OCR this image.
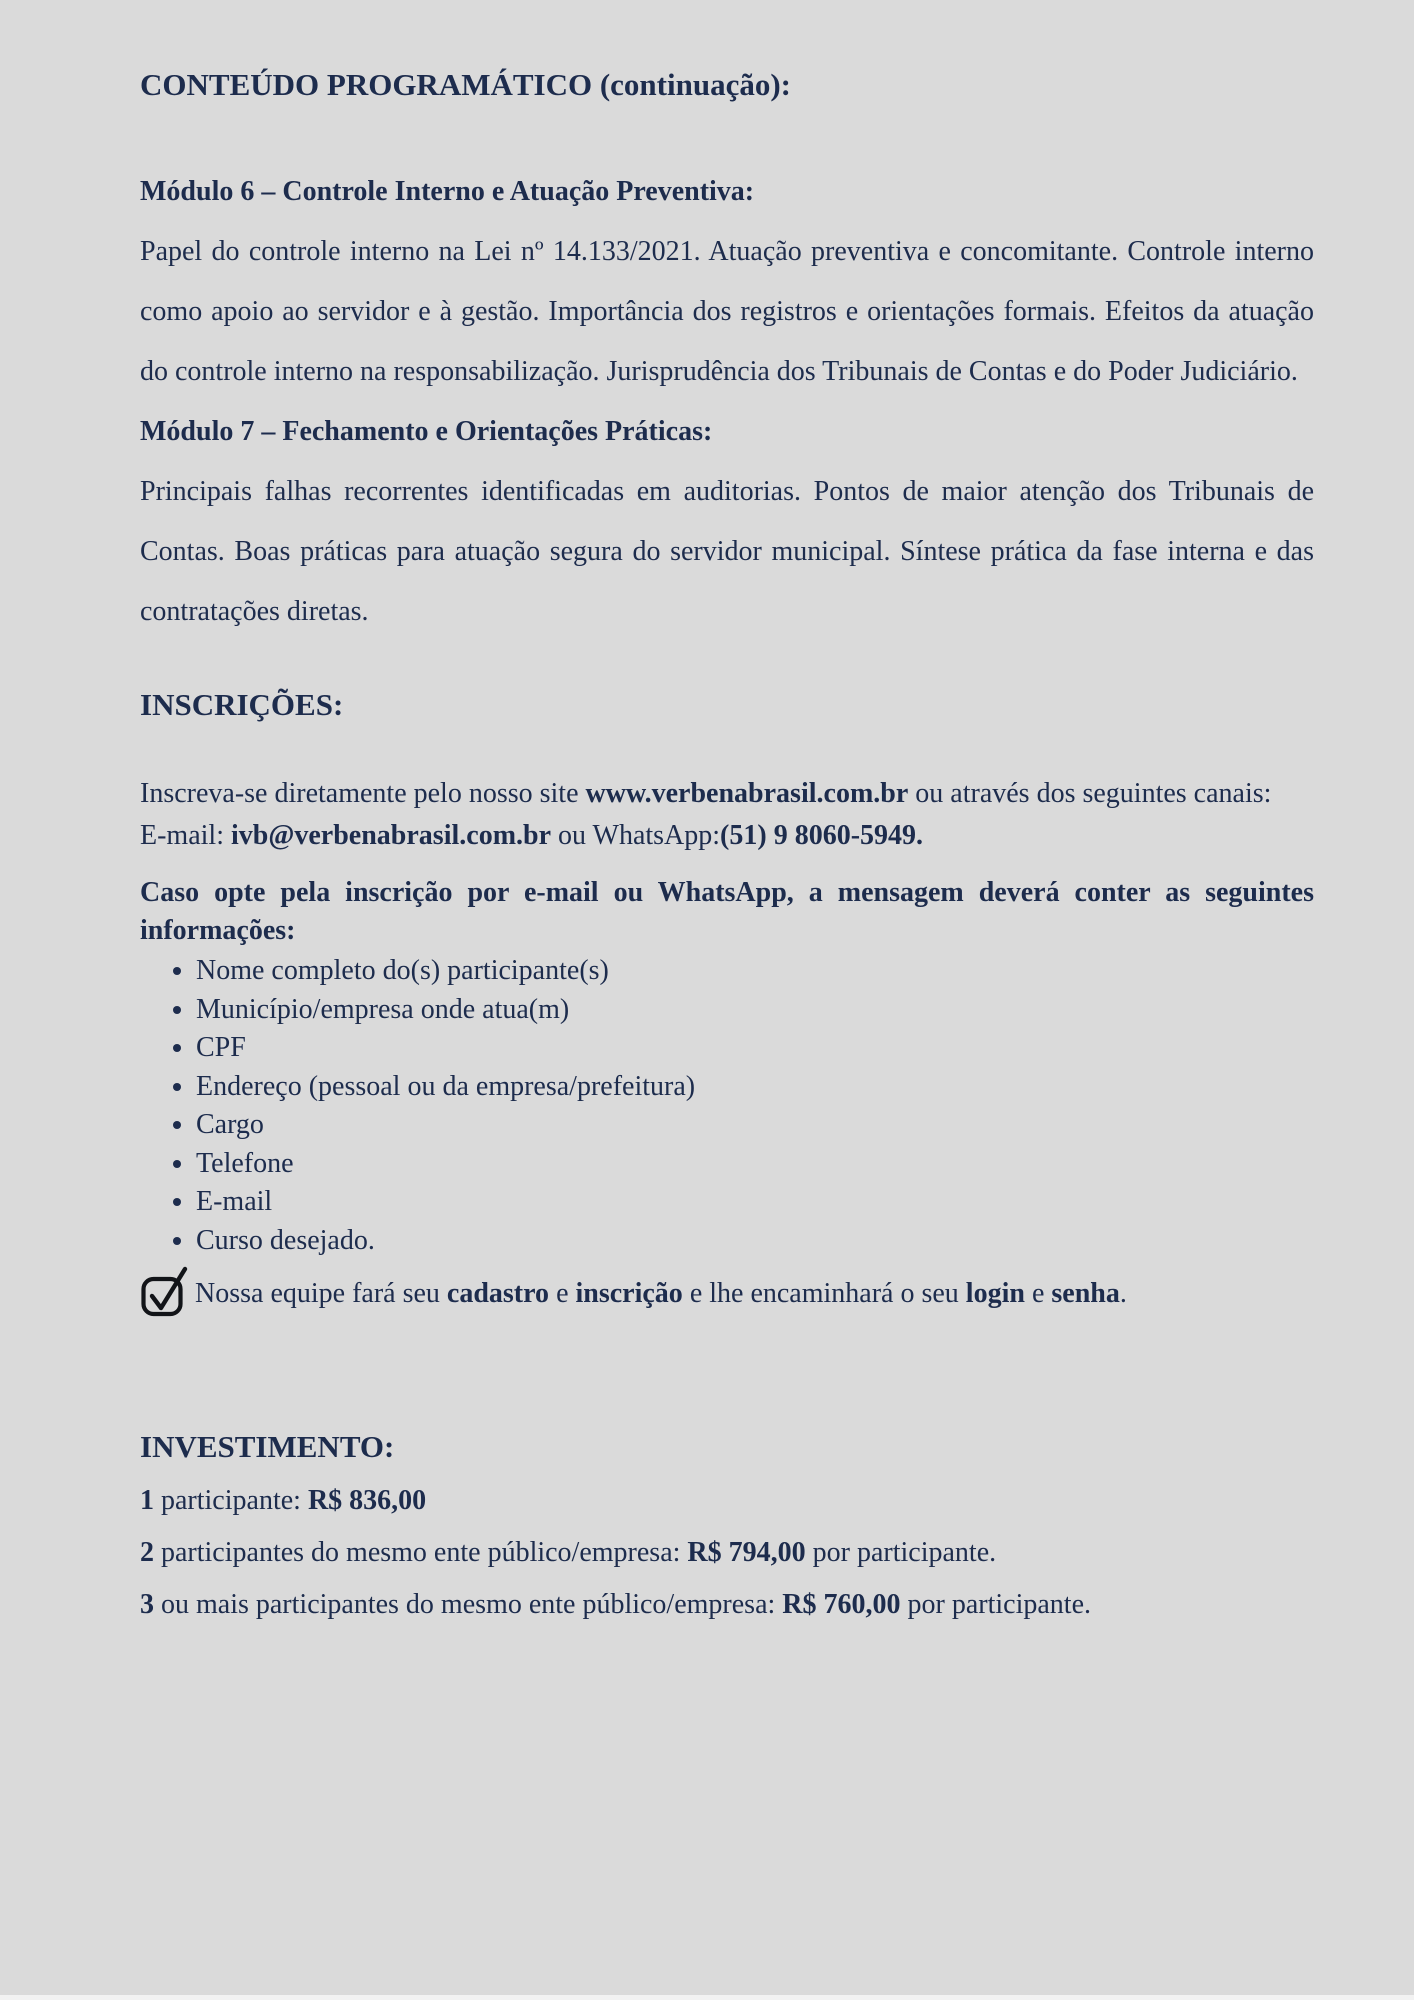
CONTEÚDO PROGRAMÁTICO (continuação):

Módulo 6 – Controle Interno e Atuação Preventiva:

Papel do controle interno na Lei nº 14.133/2021. Atuação preventiva e concomitante. Controle interno como apoio ao servidor e à gestão. Importância dos registros e orientações formais. Efeitos da atuação do controle interno na responsabilização. Jurisprudência dos Tribunais de Contas e do Poder Judiciário.

Módulo 7 – Fechamento e Orientações Práticas:

Principais falhas recorrentes identificadas em auditorias. Pontos de maior atenção dos Tribunais de Contas. Boas práticas para atuação segura do servidor municipal. Síntese prática da fase interna e das contratações diretas.

INSCRIÇÕES:

Inscreva-se diretamente pelo nosso site www.verbenabrasil.com.br ou através dos seguintes canais:

E-mail: ivb@verbenabrasil.com.br ou WhatsApp:(51) 9 8060-5949.

Caso opte pela inscrição por e-mail ou WhatsApp, a mensagem deverá conter as seguintes informações:

• Nome completo do(s) participante(s)
• Município/empresa onde atua(m)
• CPF
• Endereço (pessoal ou da empresa/prefeitura)
• Cargo
• Telefone
• E-mail
• Curso desejado.
Nossa equipe fará seu cadastro e inscrição e lhe encaminhará o seu login e senha.
INVESTIMENTO:

1 participante: R$ 836,00

2 participantes do mesmo ente público/empresa: R$ 794,00 por participante.

3 ou mais participantes do mesmo ente público/empresa: R$ 760,00 por participante.
